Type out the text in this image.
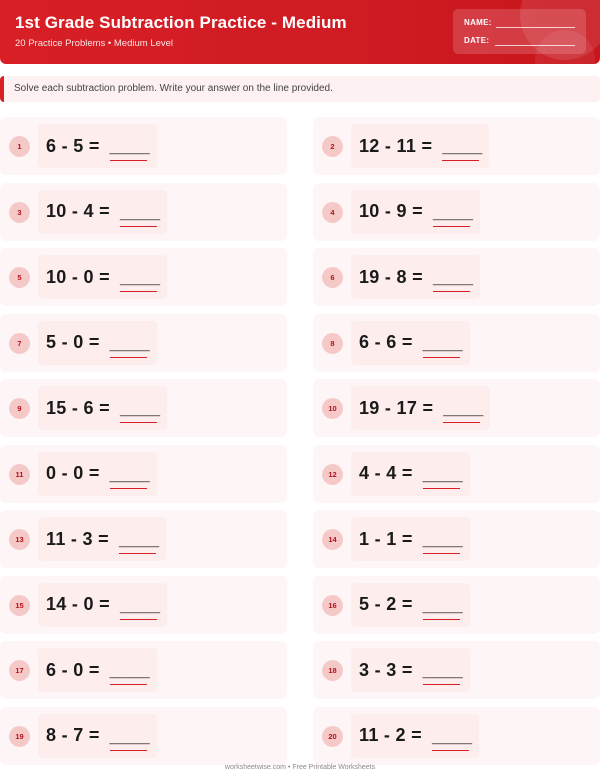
1st Grade Subtraction Practice - Medium
20 Practice Problems • Medium Level
NAME:
DATE:
Solve each subtraction problem. Write your answer on the line provided.
1	6 - 5 = ____	2	12 - 11 = ____
3	10 - 4 = ____	4	10 - 9 = ____
5	10 - 0 = ____	6	19 - 8 = ____
7	5 - 0 = ____	8	6 - 6 = ____
9	15 - 6 = ____	10	19 - 17 = ____
11	0 - 0 = ____	12	4 - 4 = ____
13	11 - 3 = ____	14	1 - 1 = ____
15	14 - 0 = ____	16	5 - 2 = ____
17	6 - 0 = ____	18	3 - 3 = ____
19	8 - 7 = ____	20	11 - 2 = ____
worksheetwise.com • Free Printable Worksheets
